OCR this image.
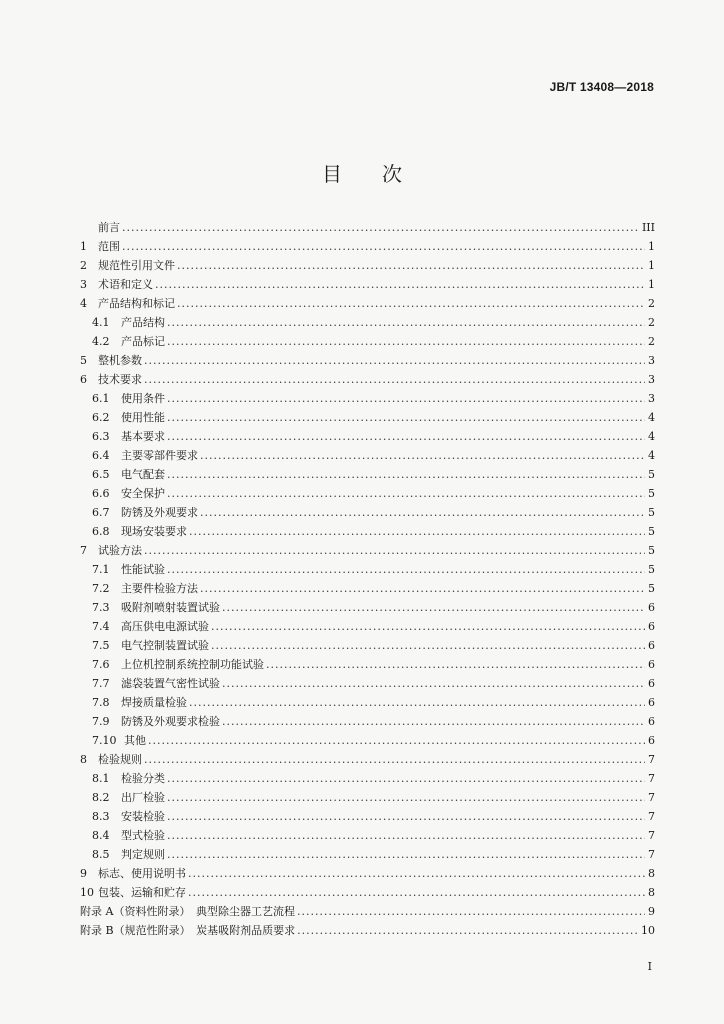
JB/T 13408—2018
目次
前言 .....	III
1	范围 .....	1
2	规范性引用文件 .....	1
3	术语和定义 .....	1
4	产品结构和标记 .....	2
4.1	产品结构 .....	2
4.2	产品标记 .....	2
5	整机参数 .....	3
6	技术要求 .....	3
6.1	使用条件 .....	3
6.2	使用性能 .....	4
6.3	基本要求 .....	4
6.4	主要零部件要求 .....	4
6.5	电气配套 .....	5
6.6	安全保护 .....	5
6.7	防锈及外观要求 .....	5
6.8	现场安装要求 .....	5
7	试验方法 .....	5
7.1	性能试验 .....	5
7.2	主要件检验方法 .....	5
7.3	吸附剂喷射装置试验 .....	6
7.4	高压供电电源试验 .....	6
7.5	电气控制装置试验 .....	6
7.6	上位机控制系统控制功能试验 .....	6
7.7	滤袋装置气密性试验 .....	6
7.8	焊接质量检验 .....	6
7.9	防锈及外观要求检验 .....	6
7.10 其他 .....	6
8	检验规则 .....	7
8.1	检验分类 .....	7
8.2	出厂检验 .....	7
8.3	安装检验 .....	7
8.4	型式检验 .....	7
8.5	判定规则 .....	7
9	标志、使用说明书 .....	8
10 包装、运输和贮存 .....	8
附录 A （资料性附录）　典型除尘器工艺流程 .....	9
附录 B （规范性附录）　炭基吸附剂品质要求 .....	10
I
